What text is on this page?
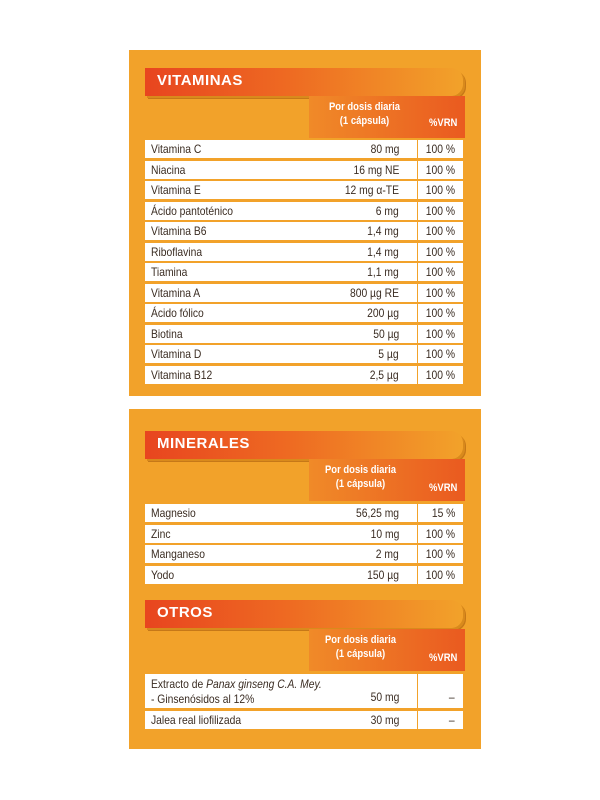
VITAMINAS
Por dosis diaria
(1 cápsula)	%VRN
Vitamina C	80 mg 100 %
Niacina	16 mg NE 100 %
Vitamina E	12 mg α-TE 100 %
Ácido pantoténico	6 mg 100 %
Vitamina B6	1,4 mg 100 %
Riboflavina	1,4 mg 100 %
Tiamina	1,1 mg 100 %
Vitamina A	800 µg RE 100 %
Ácido fólico	200 µg 100 %
Biotina	50 µg 100 %
Vitamina D	5 µg 100 %
Vitamina B12	2,5 µg 100 %
MINERALES
Por dosis diaria
(1 cápsula)	%VRN
Magnesio	56,25 mg	15 %
Zinc	10 mg 100 %
Manganeso	2 mg 100 %
Yodo	150 µg 100 %
OTROS
Por dosis diaria
(1 cápsula)	%VRN
Extracto de Panax ginseng C.A. Mey.
- Ginsenósidos al 12%	50 mg	–
Jalea real liofilizada	30 mg	–
